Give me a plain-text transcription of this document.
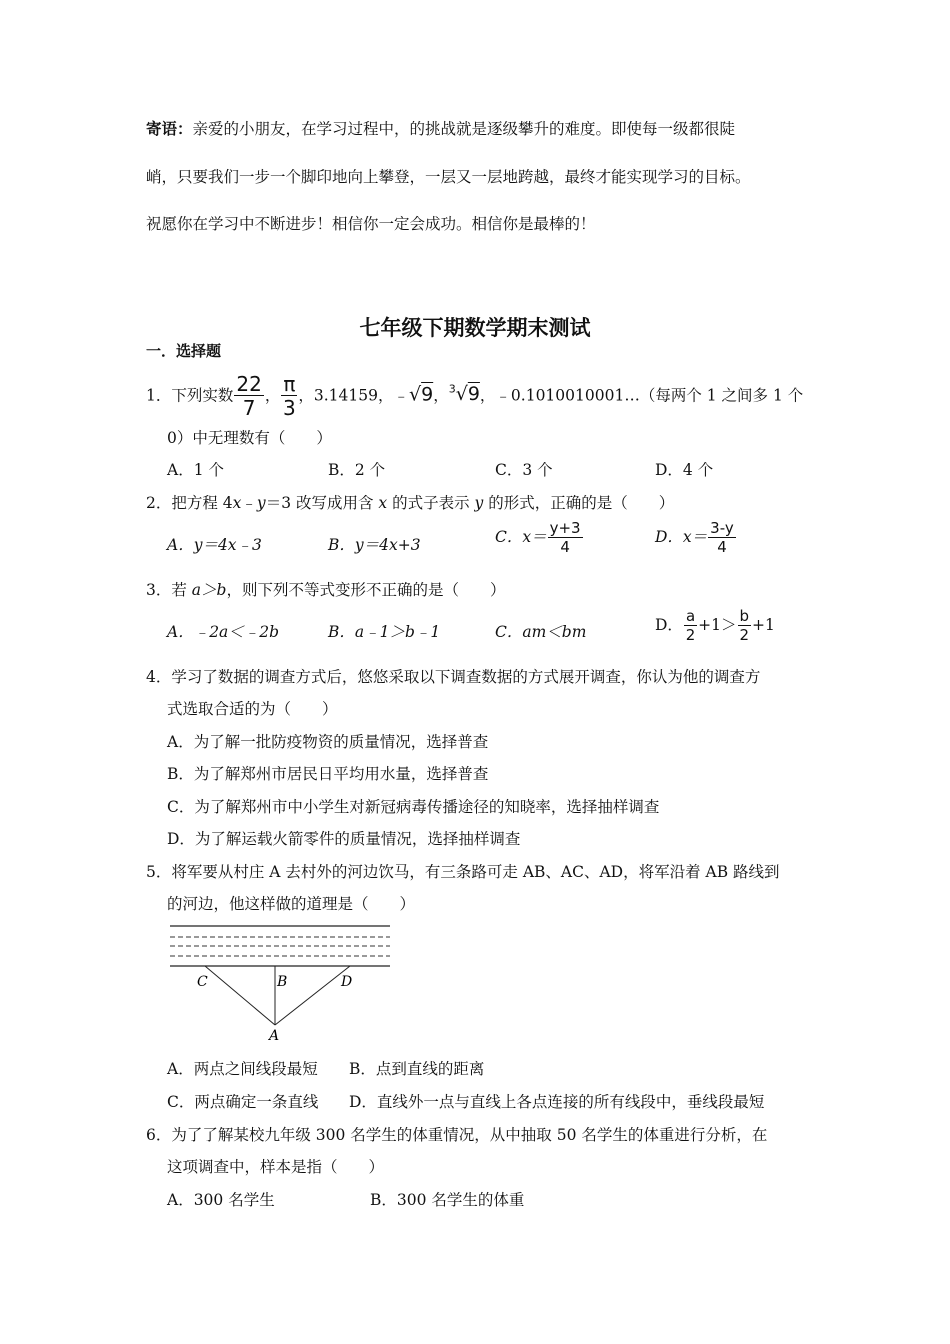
寄语：亲爱的小朋友，在学习过程中，的挑战就是逐级攀升的难度。即使每一级都很陡
峭，只要我们一步一个脚印地向上攀登，一层又一层地跨越，最终才能实现学习的目标。
祝愿你在学习中不断进步！相信你一定会成功。相信你是最棒的！
七年级下期数学期末测试
一．选择题
1．下列实数 $\frac{22}{7}$ ， $\frac{\pi}{3}$ ，3.14159，﹣√9，$^3$√9，﹣0.1010010001…（每两个 1 之间多 1 个
0）中无理数有（　　）
A．1 个	B．2 个	C．3 个	D．4 个
2．把方程 4x﹣y＝3 改写成用含 x 的式子表示 y 的形式，正确的是（　　）
A．y＝4x﹣3	B．y＝4x+3	C．$x= \frac{y+3}{4}$	D．$x= \frac{3-y}{4}$
3．若 a＞b，则下列不等式变形不正确的是（　　）
A．﹣2a＜﹣2b	B．a﹣1＞b﹣1	C．am＜bm	D． $\frac{a}{2} +1> \frac{b}{2} +1$
4．学习了数据的调查方式后，悠悠采取以下调查数据的方式展开调查，你认为他的调查方
式选取合适的为（　　）
A．为了解一批防疫物资的质量情况，选择普查
B．为了解郑州市居民日平均用水量，选择普查
C．为了解郑州市中小学生对新冠病毒传播途径的知晓率，选择抽样调查
D．为了解运载火箭零件的质量情况，选择抽样调查
5．将军要从村庄 A 去村外的河边饮马，有三条路可走 AB、AC、AD，将军沿着 AB 路线到
的河边，他这样做的道理是（　　）
C	B	D
A
A．两点之间线段最短 B．点到直线的距离
C．两点确定一条直线 D．直线外一点与直线上各点连接的所有线段中，垂线段最短
6．为了了解某校九年级 300 名学生的体重情况，从中抽取 50 名学生的体重进行分析，在
这项调查中，样本是指（　　）
A．300 名学生	B．300 名学生的体重
